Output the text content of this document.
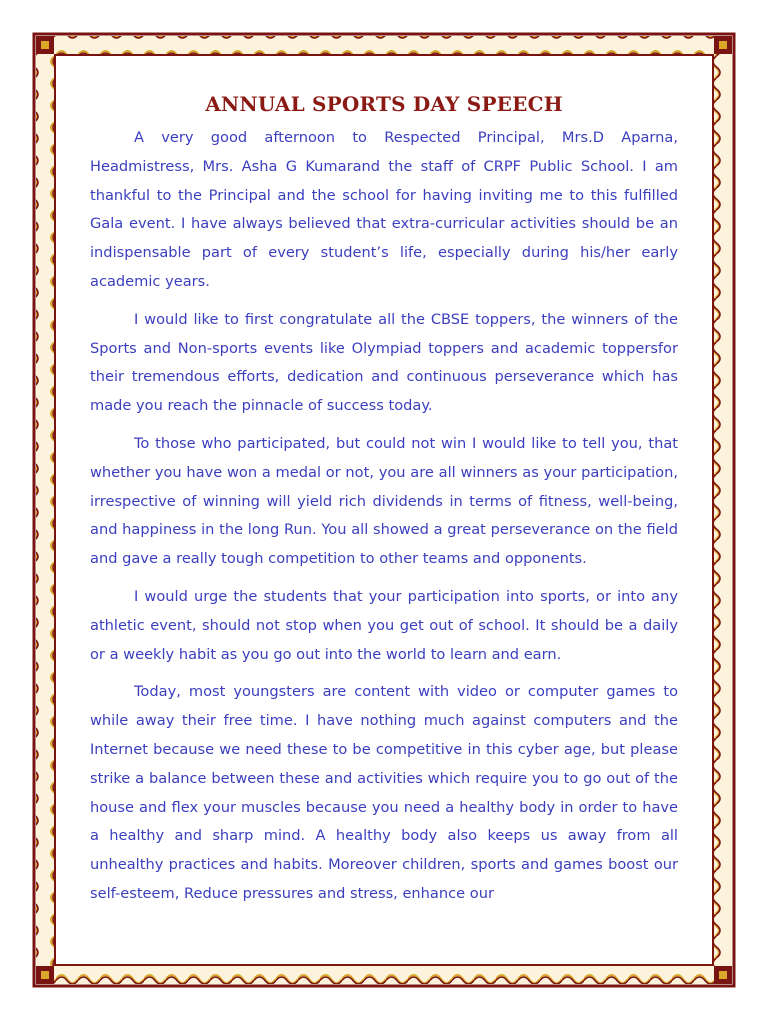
ANNUAL SPORTS DAY SPEECH

A very good afternoon to Respected Principal, Mrs.D Aparna, Headmistress, Mrs. Asha G Kumarand the staff of CRPF Public School. I am thankful to the Principal and the school for having inviting me to this fulfilled Gala event. I have always believed that extra-curricular activities should be an indispensable part of every student’s life, especially during his/her early academic years.

I would like to first congratulate all the CBSE toppers, the winners of the Sports and Non-sports events like Olympiad toppers and academic toppersfor their tremendous efforts, dedication and continuous perseverance which has made you reach the pinnacle of success today.

To those who participated, but could not win I would like to tell you, that whether you have won a medal or not, you are all winners as your participation, irrespective of winning will yield rich dividends in terms of fitness, well-being, and happiness in the long Run. You all showed a great perseverance on the field and gave a really tough competition to other teams and opponents.

I would urge the students that your participation into sports, or into any athletic event, should not stop when you get out of school. It should be a daily or a weekly habit as you go out into the world to learn and earn.

Today, most youngsters are content with video or computer games to while away their free time. I have nothing much against computers and the Internet because we need these to be competitive in this cyber age, but please strike a balance between these and activities which require you to go out of the house and flex your muscles because you need a healthy body in order to have a healthy and sharp mind. A healthy body also keeps us away from all unhealthy practices and habits. Moreover children, sports and games boost our self-esteem, Reduce pressures and stress, enhance our
